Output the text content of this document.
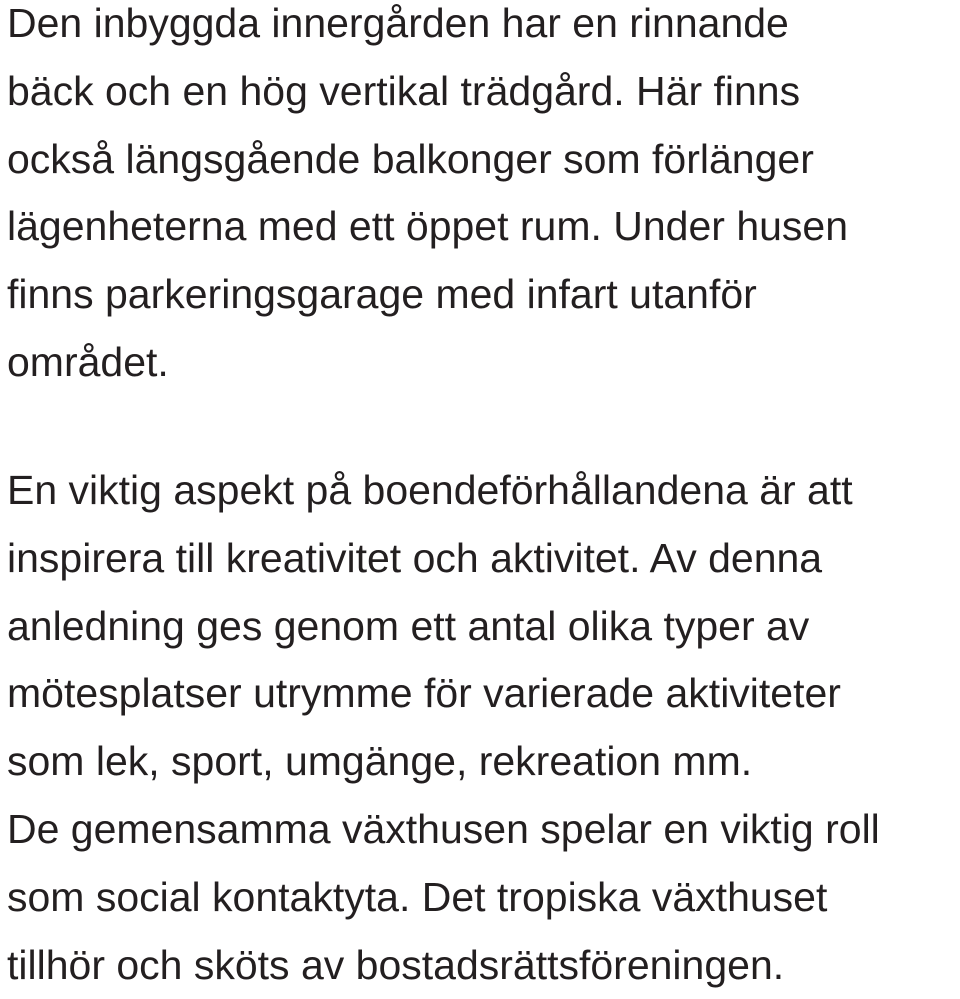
Den inbyggda innergården har en rinnande
bäck och en hög vertikal trädgård. Här finns
också längsgående balkonger som förlänger
lägenheterna med ett öppet rum. Under husen
finns parkeringsgarage med infart utanför
området.

En viktig aspekt på boendeförhållandena är att
inspirera till kreativitet och aktivitet. Av denna
anledning ges genom ett antal olika typer av
mötesplatser utrymme för varierade aktiviteter
som lek, sport, umgänge, rekreation mm.
De gemensamma växthusen spelar en viktig roll
som social kontaktyta. Det tropiska växthuset
tillhör och sköts av bostadsrättsföreningen.
